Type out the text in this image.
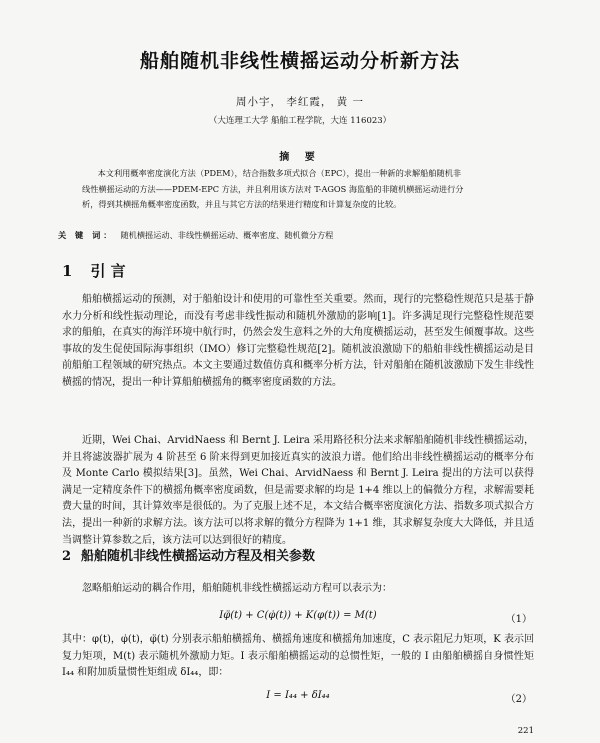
船舶随机非线性横摇运动分析新方法
周小宇， 李红霞， 黄 一
（大连理工大学 船舶工程学院，大连 116023）
摘 要
本文利用概率密度演化方法（PDEM），结合指数多项式拟合（EPC），提出一种新的求解船舶随机非
线性横摇运动的方法——PDEM-EPC 方法，并且利用该方法对 T-AGOS 海监船的非随机横摇运动进行分
析，得到其横摇角概率密度函数，并且与其它方法的结果进行精度和计算复杂度的比较。
关 键 词： 随机横摇运动、非线性横摇运动、概率密度、随机微分方程
1 引 言

船舶横摇运动的预测，对于船舶设计和使用的可靠性至关重要。然而，现行的完整稳性规范只是基于静水力分析和线性振动理论，而没有考虑非线性振动和随机外激励的影响[1]。许多满足现行完整稳性规范要求的船舶，在真实的海洋环境中航行时，仍然会发生意料之外的大角度横摇运动，甚至发生倾覆事故。这些事故的发生促使国际海事组织（IMO）修订完整稳性规范[2]。随机波浪激励下的船舶非线性横摇运动是目前船舶工程领域的研究热点。本文主要通过数值仿真和概率分析方法，针对船舶在随机波激励下发生非线性横摇的情况，提出一种计算船舶横摇角的概率密度函数的方法。

近期，Wei Chai、ArvidNaess 和 Bernt J. Leira 采用路径积分法来求解船舶随机非线性横摇运动，并且将滤波器扩展为 4 阶甚至 6 阶来得到更加接近真实的波浪力谱。他们给出非线性横摇运动的概率分布及 Monte Carlo 模拟结果[3]。虽然，Wei Chai、ArvidNaess 和 Bernt J. Leira 提出的方法可以获得满足一定精度条件下的横摇角概率密度函数，但是需要求解的均是 1+4 维以上的偏微分方程，求解需要耗费大量的时间，其计算效率是很低的。为了克服上述不足，本文结合概率密度演化方法、指数多项式拟合方法，提出一种新的求解方法。该方法可以将求解的微分方程降为 1+1 维，其求解复杂度大大降低，并且适当调整计算参数之后，该方法可以达到很好的精度。

2 船舶随机非线性横摇运动方程及相关参数

忽略船舶运动的耦合作用，船舶随机非线性横摇运动方程可以表示为：

Iφ̈(t) + C(φ̇(t)) + K(φ(t)) = M(t)	（1）

其中：φ(t)，φ̇(t)，φ̈(t) 分别表示船舶横摇角、横摇角速度和横摇角加速度，C 表示阻尼力矩项，K 表示回复力矩项，M(t) 表示随机外激励力矩。I 表示船舶横摇运动的总惯性矩，一般的 I 由船舶横摇自身惯性矩 I₄₄ 和附加质量惯性矩组成 δI₄₄，即：

I = I₄₄ + δI₄₄	（2）
221
